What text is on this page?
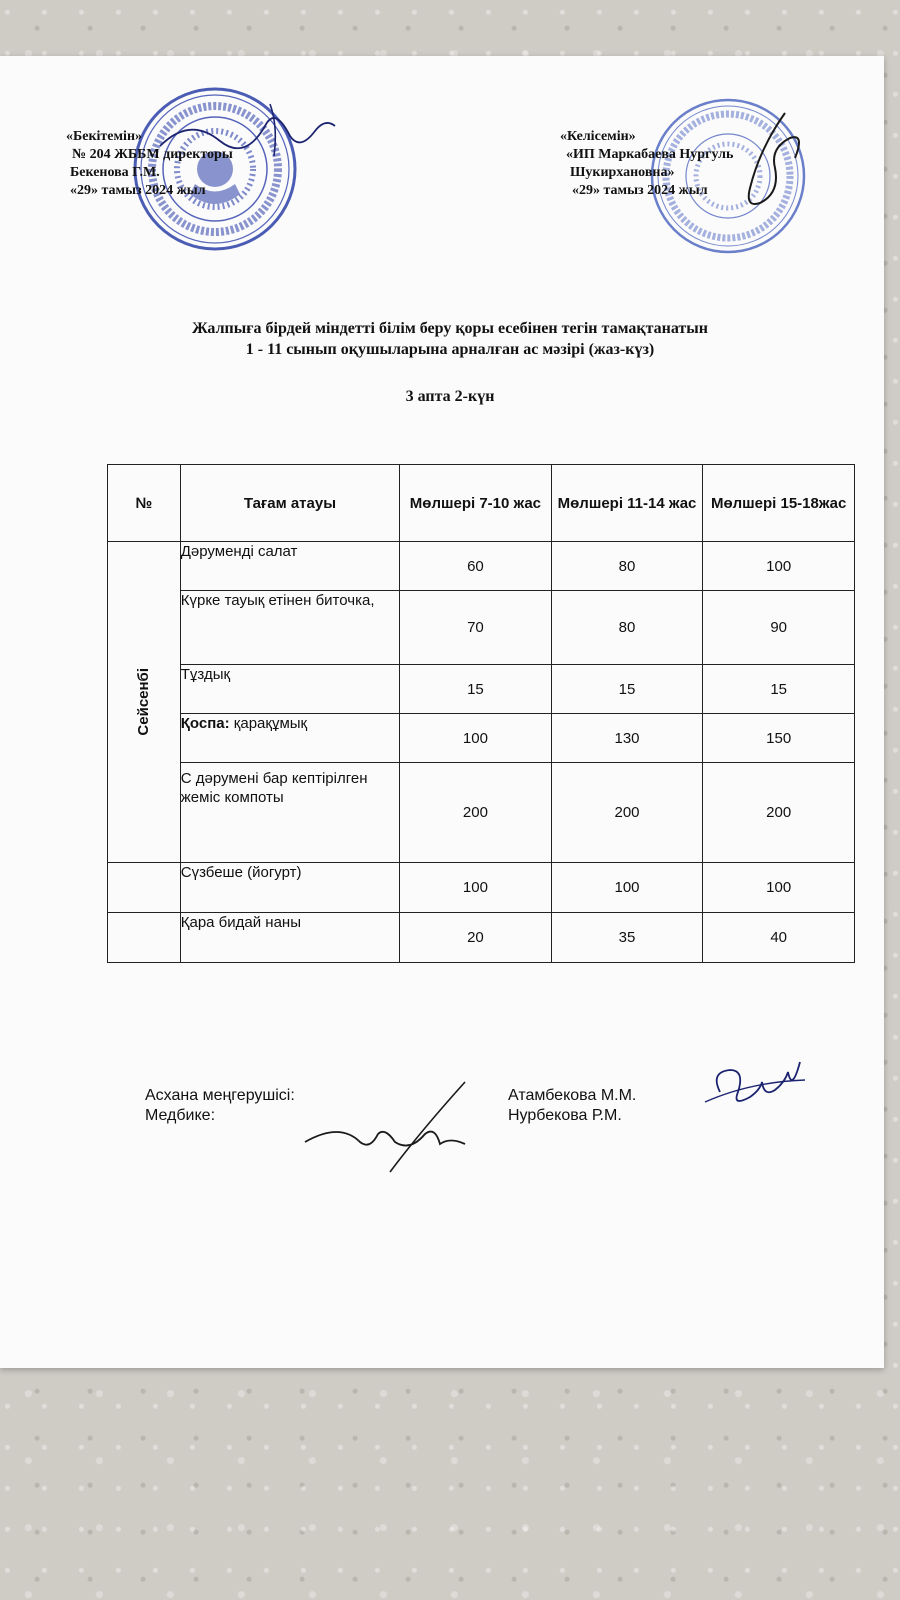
«Бекітемін»
№ 204 ЖББМ директоры
Бекенова Г.М.
«29» тамыз 2024 жыл
«Келісемін»
«ИП Маркабаева Нургуль
Шукирхановна»
«29» тамыз 2024 жыл
Жалпыға бірдей міндетті білім беру қоры есебінен тегін тамақтанатын
1 - 11 сынып оқушыларына арналған ас мәзірі (жаз-күз)
3 апта 2-күн
№	Тағам атауы	Мөлшері 7-10 жас	Мөлшері 11-14 жас	Мөлшері 15-18жас

Сейсенбі	Дәруменді салат	60	80	100
	Күрке тауық етінен биточка,	70	80	90
	Тұздық	15	15	15
	Қоспа: қарақұмық	100	130	150
	С дәрумені бар кептірілген жеміс компоты	200	200	200
	Сүзбеше (йогурт)	100	100	100
	Қара бидай наны	20	35	40
Асхана меңгерушісі:
Медбике:
Атамбекова М.М.
Нурбекова Р.М.
